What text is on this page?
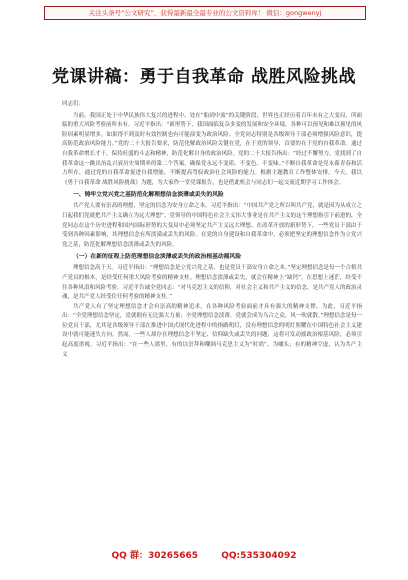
关注头条号“公文研究”，获得最新最全最专业的公文资料库！ 微信：gongwenyj
党课讲稿：勇于自我革命 战胜风险挑战

同志们：

当前，我国正处于中华民族伟大复兴的进程中，处在“船到中流”的关键阶段，世界也正经历着百年未有之大变局，所面临的重大风险考验前所未有。习近平指出：“新形势下，我国面临复杂多变的发展和安全环境，各种可以预见和难以预见的风险因素明显增多。如果得不到及时有效控制也有可能演变为政治风险。全党同志特别是各级领导干部必须增强风险意识，提高防范政治风险能力。”党的二十大报告要求，防范化解政治风险关键在党，在于党的领导，首要的在于党的自我革命。通过自我革命增长才干，保持旺盛的斗志和精神，防范化解自身的政治风险。党的二十大报告指出：“经过不懈努力，党找到了自我革命这一跳出治乱兴衰历史周期率的第二个答案，确保党永远不变质、不变色、不变味。”不断自我革命是党永葆青春和活力所在，通过党的自我革命促进自我增能，不断提高驾驭政治社会风险的能力。根据主题教育工作整体安排，今天，我以《勇于自我革命 战胜风险挑战》为题，为大家作一堂党课报告，也是借此机会与同志们一起交流近期学习工作体会。

一、铸牢立党兴党之基防范化解理想信念淡薄或丢失的风险

共产党人要有崇高的理想，坚定的信念为安身立命之本。习近平指出：“中国共产党之所以叫共产党，就是因为从成立之日起我们党就把共产主义确立为远大理想”。党领导的中国特色社会主义伟大事业是在共产主义的这个理想指引下前进的，全党同志在这个历史进程和国内国际形势的大变局中必须坚定共产主义远大理想。在改革开放的新形势下，一些党员干部由于受到各种因素影响，其理想信念有所淡漠或丢失的风险。在党的自身建设和自我革命中，必须把坚定的理想信念作为立党兴党之基，防范化解理想信念淡薄或丢失的风险。

（一）在新的征程上防范理想信念淡薄或丢失的政治根基动摇风险

理想信念高于天。习近平指出：“理想信念是立党兴党之基，也是党员干部安身立命之本。”坚定理想信念是每一个合格共产党员的根本，是经受任何重大风险考验的精神支柱。理想信念淡薄或丢失，就会在精神上“缺钙”，在思想上迷茫，经受不住各种风浪和风险考验。习近平告诫全党同志：“对马克思主义的信仰，对社会主义和共产主义的信念，是共产党人的政治灵魂，是共产党人经受住任何考验的精神支柱。”

共产党人有了坚定理想信念才会有崇高的精神追求，在各种风险考验面前才具有强大的精神支撑。为此，习近平指出：“全党理想信念坚定，党就拥有无比强大力量；全党理想信念淡薄，党就会成为乌合之众，风一吹就散。”理想信念是每一位党员干部，尤其是各级领导干部在推进中国式现代化进程中的指路明灯，没有理想信念的明灯照耀在中国特色社会主义建设中就可能迷失方向。然而，一些人却存在理想信念不坚定、信仰缺失或丢失的问题，这将可发动摇政治根基风险，必须引起高度重视。习近平指出：“在一些人那里，有的以崇拜和嘲讽马克思主义为“时尚”、为噱头；有的精神空虚，认为共产主义

QQ 群：30265665	QQ:535304092
